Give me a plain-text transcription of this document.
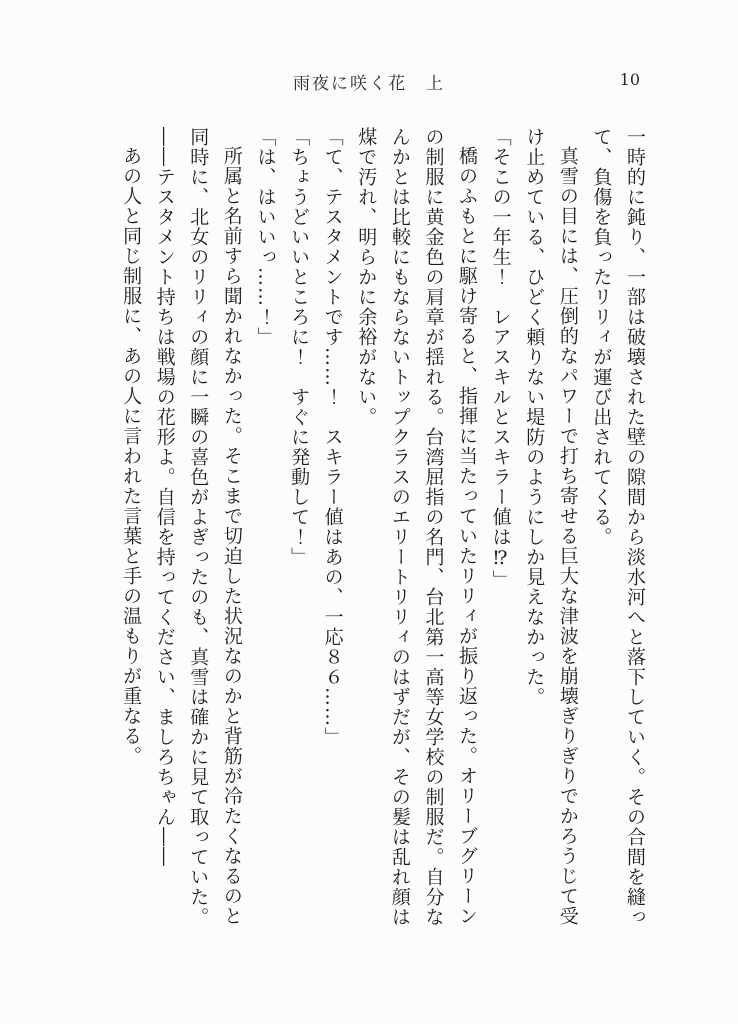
雨夜に咲く花　上	10

一時的に鈍り、一部は破壊された壁の隙間から淡水河へと落下していく。その合間を縫って、負傷を負ったリリィが運び出されてくる。

真雪の目には、圧倒的なパワーで打ち寄せる巨大な津波を崩壊ぎりぎりでかろうじて受け止めている、ひどく頼りない堤防のようにしか見えなかった。

「そこの一年生！　レアスキルとスキラー値は⁉」

橋のふもとに駆け寄ると、指揮に当たっていたリリィが振り返った。オリーブグリーンの制服に黄金色の肩章が揺れる。台湾屈指の名門、台北第一高等女学校の制服だ。自分なんかとは比較にもならないトップクラスのエリートリリィのはずだが、その髪は乱れ顔は煤で汚れ、明らかに余裕がない。

「て、テスタメントです……！　スキラー値はあの、一応８６……」

「ちょうどいいところに！　すぐに発動して！」

「は、はいいっ……！」

所属と名前すら聞かれなかった。そこまで切迫した状況なのかと背筋が冷たくなるのと同時に、北女のリリィの顔に一瞬の喜色がよぎったのも、真雪は確かに見て取っていた。

――テスタメント持ちは戦場の花形よ。自信を持ってください、ましろちゃん――

あの人と同じ制服に、あの人に言われた言葉と手の温もりが重なる。
